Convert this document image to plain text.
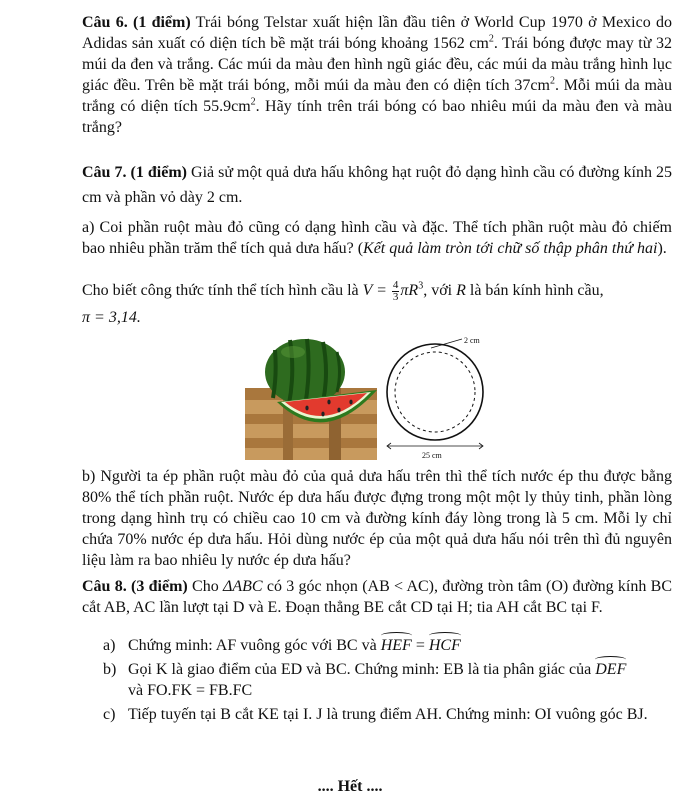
Câu 6. (1 điểm) Trái bóng Telstar xuất hiện lần đầu tiên ở World Cup 1970 ở Mexico do Adidas sản xuất có diện tích bề mặt trái bóng khoảng 1562 $cm^2$. Trái bóng được may từ 32 múi da đen và trắng. Các múi da màu đen hình ngũ giác đều, các múi da màu trắng hình lục giác đều. Trên bề mặt trái bóng, mỗi múi da màu đen có diện tích $37cm^2$. Mỗi múi da màu trắng có diện tích $55.9cm^2$. Hãy tính trên trái bóng có bao nhiêu múi da màu đen và màu trắng?

Câu 7. (1 điểm) Giả sử một quả dưa hấu không hạt ruột đỏ dạng hình cầu có đường kính 25 cm và phần vỏ dày 2 cm.

a) Coi phần ruột màu đỏ cũng có dạng hình cầu và đặc. Thể tích phần ruột màu đỏ chiếm bao nhiêu phần trăm thể tích quả dưa hấu? (Kết quả làm tròn tới chữ số thập phân thứ hai).

Cho biết công thức tính thể tích hình cầu là $V = \frac{4}{3} \pi R^3$, với R là bán kính hình cầu,

π = 3,14.

2 cm
25 cm

b) Người ta ép phần ruột màu đỏ của quả dưa hấu trên thì thể tích nước ép thu được bằng 80% thể tích phần ruột. Nước ép dưa hấu được đựng trong một một ly thủy tinh, phần lòng trong dạng hình trụ có chiều cao 10 cm và đường kính đáy lòng trong là 5 cm. Mỗi ly chỉ chứa 70% nước ép dưa hấu. Hỏi dùng nước ép của một quả dưa hấu nói trên thì đủ nguyên liệu làm ra bao nhiêu ly nước ép dưa hấu?

Câu 8. (3 điểm) Cho ΔABC có 3 góc nhọn (AB < AC), đường tròn tâm (O) đường kính BC cắt AB, AC lần lượt tại D và E. Đoạn thẳng BE cắt CD tại H; tia AH cắt BC tại F.

a) Chứng minh: AF vuông góc với BC và HEF = HCF
b) Gọi K là giao điểm của ED và BC. Chứng minh: EB là tia phân giác của DEF
và FO.FK = FB.FC
c) Tiếp tuyến tại B cắt KE tại I. J là trung điểm AH. Chứng minh: OI vuông góc BJ.
.... Hết ....
